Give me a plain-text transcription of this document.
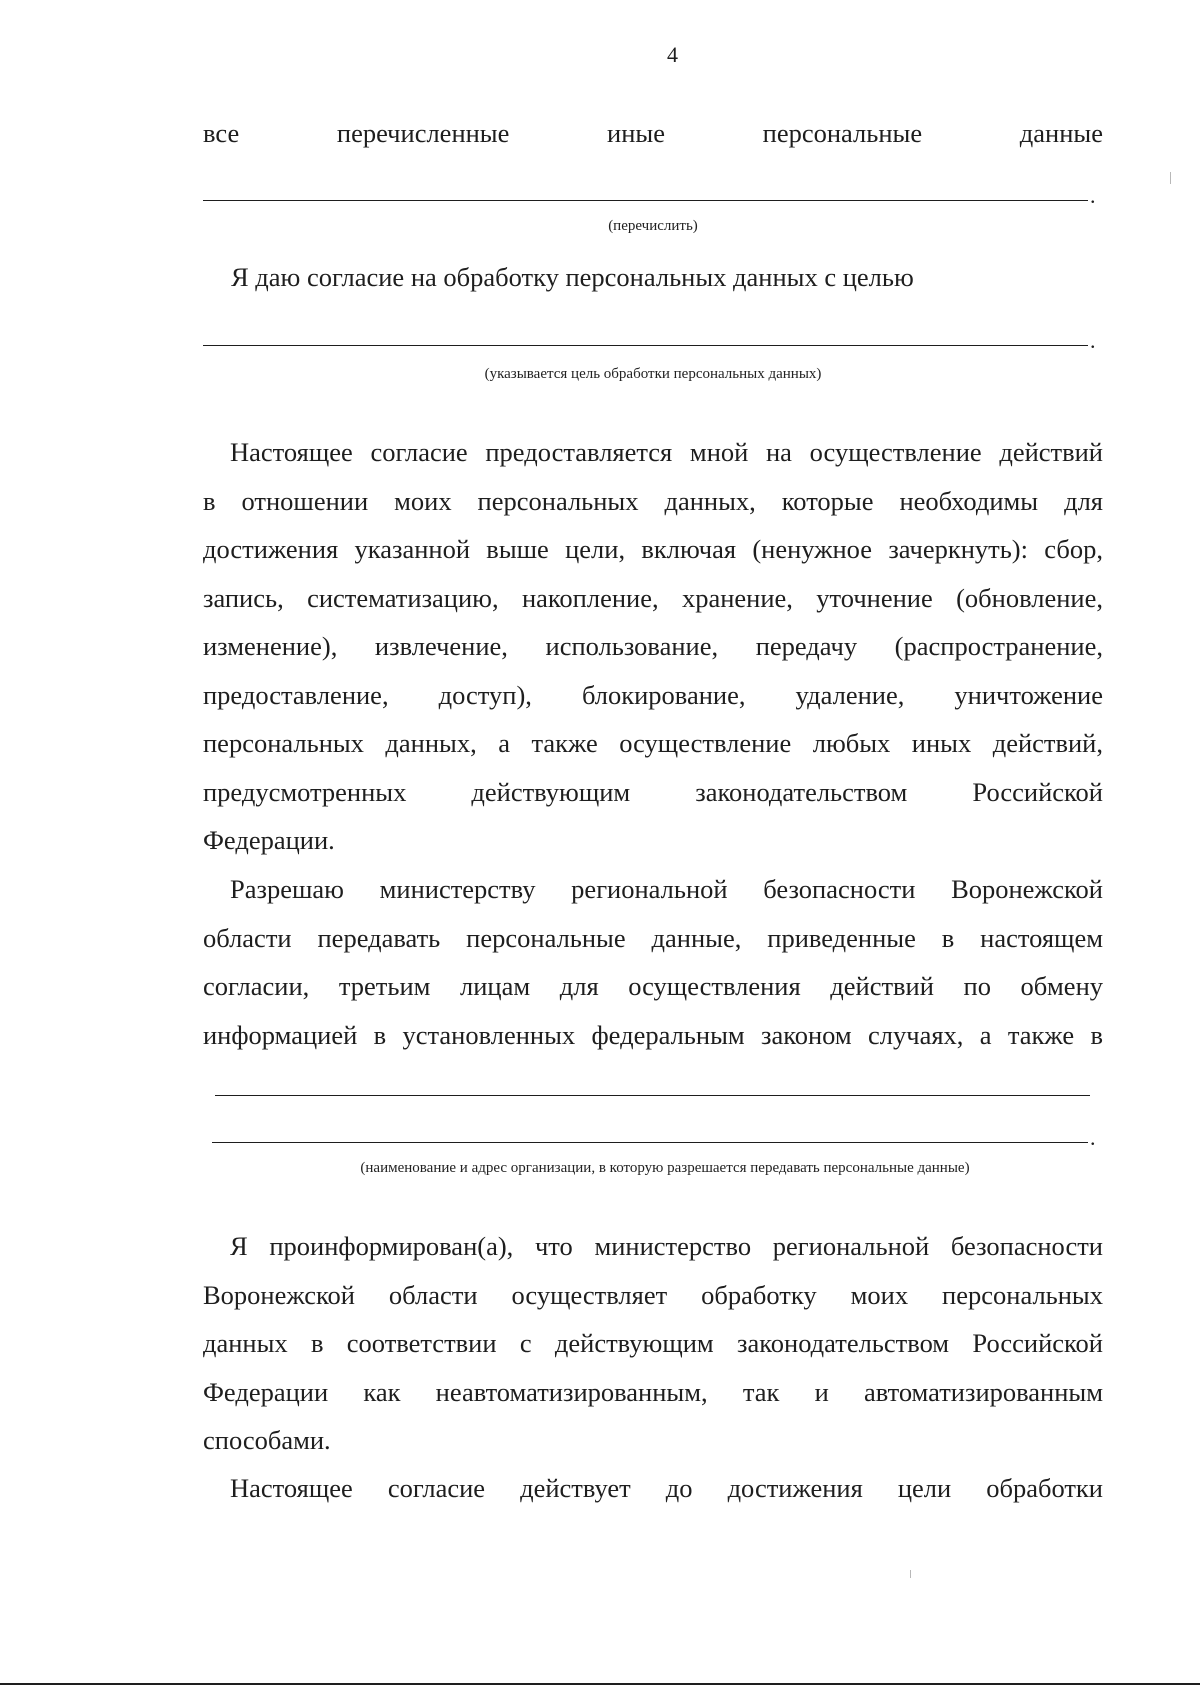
4
все	перечисленные	иные	персональные	данные
.
(перечислить)
Я даю согласие на обработку персональных данных с целью
.
(указывается цель обработки персональных данных)
Настоящее согласие предоставляется мной на осуществление действий
в отношении моих персональных данных, которые необходимы для
достижения указанной выше цели, включая (ненужное зачеркнуть): сбор,
запись, систематизацию, накопление, хранение, уточнение (обновление,
изменение), извлечение, использование, передачу (распространение,
предоставление, доступ), блокирование, удаление, уничтожение
персональных данных, а также осуществление любых иных действий,
предусмотренных действующим законодательством Российской
Федерации.
Разрешаю министерству региональной безопасности Воронежской
области передавать персональные данные, приведенные в настоящем
согласии, третьим лицам для осуществления действий по обмену
информацией в установленных федеральным законом случаях, а также в
.
(наименование и адрес организации, в которую разрешается передавать персональные данные)
Я проинформирован(а), что министерство региональной безопасности
Воронежской области осуществляет обработку моих персональных
данных в соответствии с действующим законодательством Российской
Федерации как неавтоматизированным, так и автоматизированным
способами.
Настоящее согласие действует до достижения цели обработки
